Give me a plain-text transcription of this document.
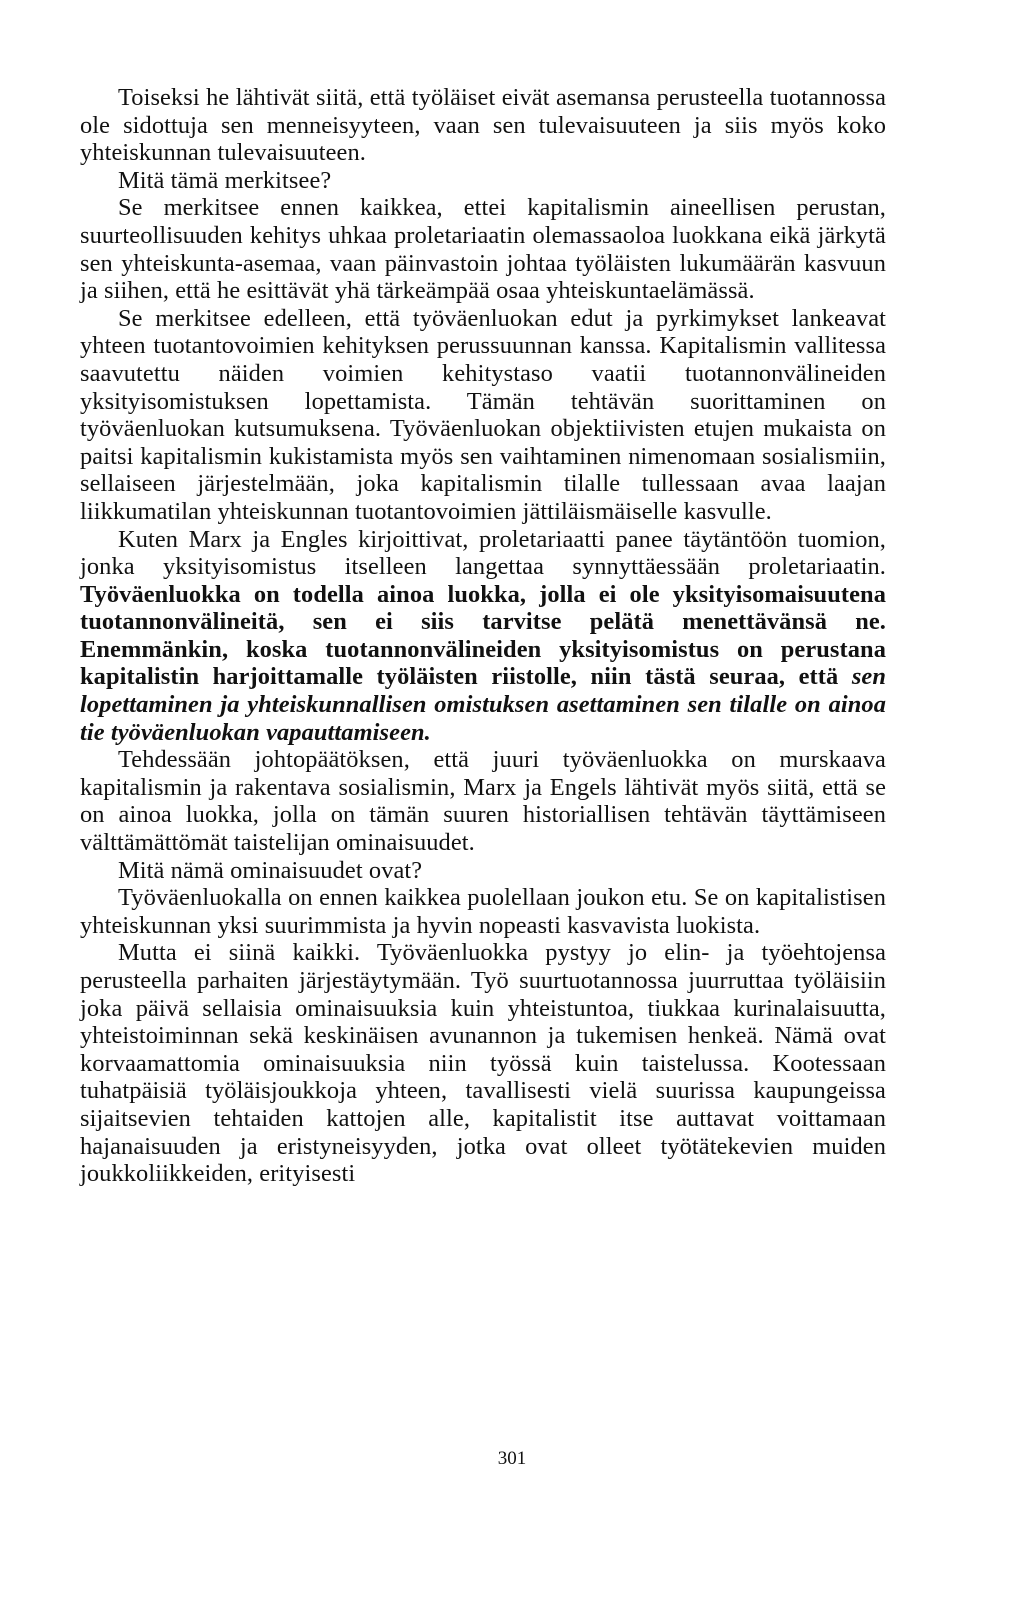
Toiseksi he lähtivät siitä, että työläiset eivät asemansa perusteella tuotannossa ole sidottuja sen menneisyyteen, vaan sen tulevaisuuteen ja siis myös koko yhteiskunnan tulevaisuuteen.

Mitä tämä merkitsee?

Se merkitsee ennen kaikkea, ettei kapitalismin aineellisen perustan, suurteollisuuden kehitys uhkaa proletariaatin olemassaoloa luokkana eikä järkytä sen yhteiskunta-asemaa, vaan päinvastoin johtaa työläisten lukumäärän kasvuun ja siihen, että he esittävät yhä tärkeämpää osaa yhteiskuntaelämässä.

Se merkitsee edelleen, että työväenluokan edut ja pyrkimykset lankeavat yhteen tuotantovoimien kehityksen perussuunnan kanssa. Kapitalismin vallitessa saavutettu näiden voimien kehitystaso vaatii tuotannonvälineiden yksityisomistuksen lopettamista. Tämän tehtävän suorittaminen on työväenluokan kutsumuksena. Työväenluokan objektiivisten etujen mukaista on paitsi kapitalismin kukistamista myös sen vaihtaminen nimenomaan sosialismiin, sellaiseen järjestelmään, joka kapitalismin tilalle tullessaan avaa laajan liikkumatilan yhteiskunnan tuotantovoimien jättiläismäiselle kasvulle.

Kuten Marx ja Engles kirjoittivat, proletariaatti panee täytäntöön tuomion, jonka yksityisomistus itselleen langettaa synnyttäessään proletariaatin. Työväenluokka on todella ainoa luokka, jolla ei ole yksityisomaisuutena tuotannonvälineitä, sen ei siis tarvitse pelätä menettävänsä ne. Enemmänkin, koska tuotannonvälineiden yksityisomistus on perustana kapitalistin harjoittamalle työläisten riistolle, niin tästä seuraa, että sen lopettaminen ja yhteiskunnallisen omistuksen asettaminen sen tilalle on ainoa tie työväenluokan vapauttamiseen.

Tehdessään johtopäätöksen, että juuri työväenluokka on murskaava kapitalismin ja rakentava sosialismin, Marx ja Engels lähtivät myös siitä, että se on ainoa luokka, jolla on tämän suuren historiallisen tehtävän täyttämiseen välttämättömät taistelijan ominaisuudet.

Mitä nämä ominaisuudet ovat?

Työväenluokalla on ennen kaikkea puolellaan joukon etu. Se on kapitalistisen yhteiskunnan yksi suurimmista ja hyvin nopeasti kasvavista luokista.

Mutta ei siinä kaikki. Työväenluokka pystyy jo elin- ja työehtojensa perusteella parhaiten järjestäytymään. Työ suurtuotannossa juurruttaa työläisiin joka päivä sellaisia ominaisuuksia kuin yhteistuntoa, tiukkaa kurinalaisuutta, yhteistoiminnan sekä keskinäisen avunannon ja tukemisen henkeä. Nämä ovat korvaamattomia ominaisuuksia niin työssä kuin taistelussa. Kootessaan tuhatpäisiä työläisjoukkoja yhteen, tavallisesti vielä suurissa kaupungeissa sijaitsevien tehtaiden kattojen alle, kapitalistit itse auttavat voittamaan hajanaisuuden ja eristyneisyyden, jotka ovat olleet työtätekevien muiden joukkoliikkeiden, erityisesti

301
